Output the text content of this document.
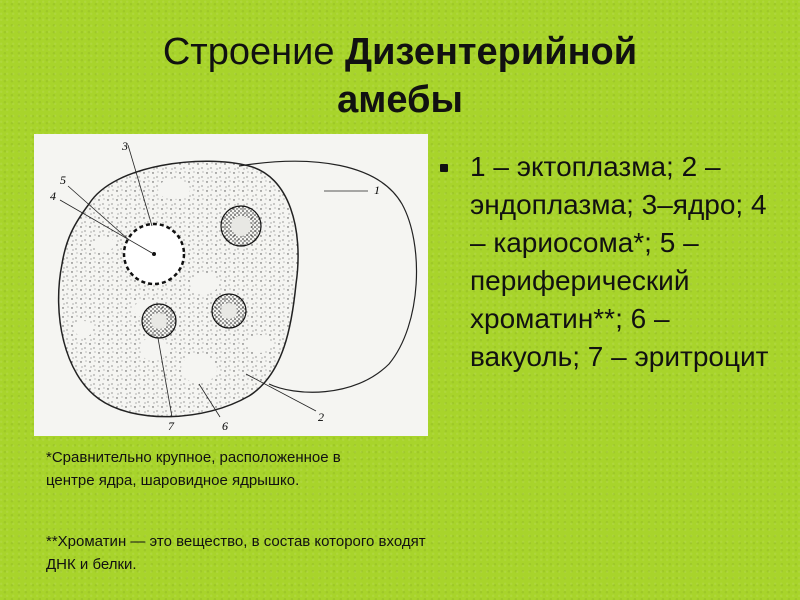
Строение Дизентерийной
амебы
3
5
4	1
2
6
7
1 – эктоплазма; 2 – эндоплазма; 3–ядро; 4 – кариосома*; 5 – периферический хроматин**; 6 – вакуоль; 7 – эритроцит
*Сравнительно крупное, расположенное в центре ядра, шаровидное ядрышко.
**Хроматин — это вещество, в состав которого входят ДНК и белки.
